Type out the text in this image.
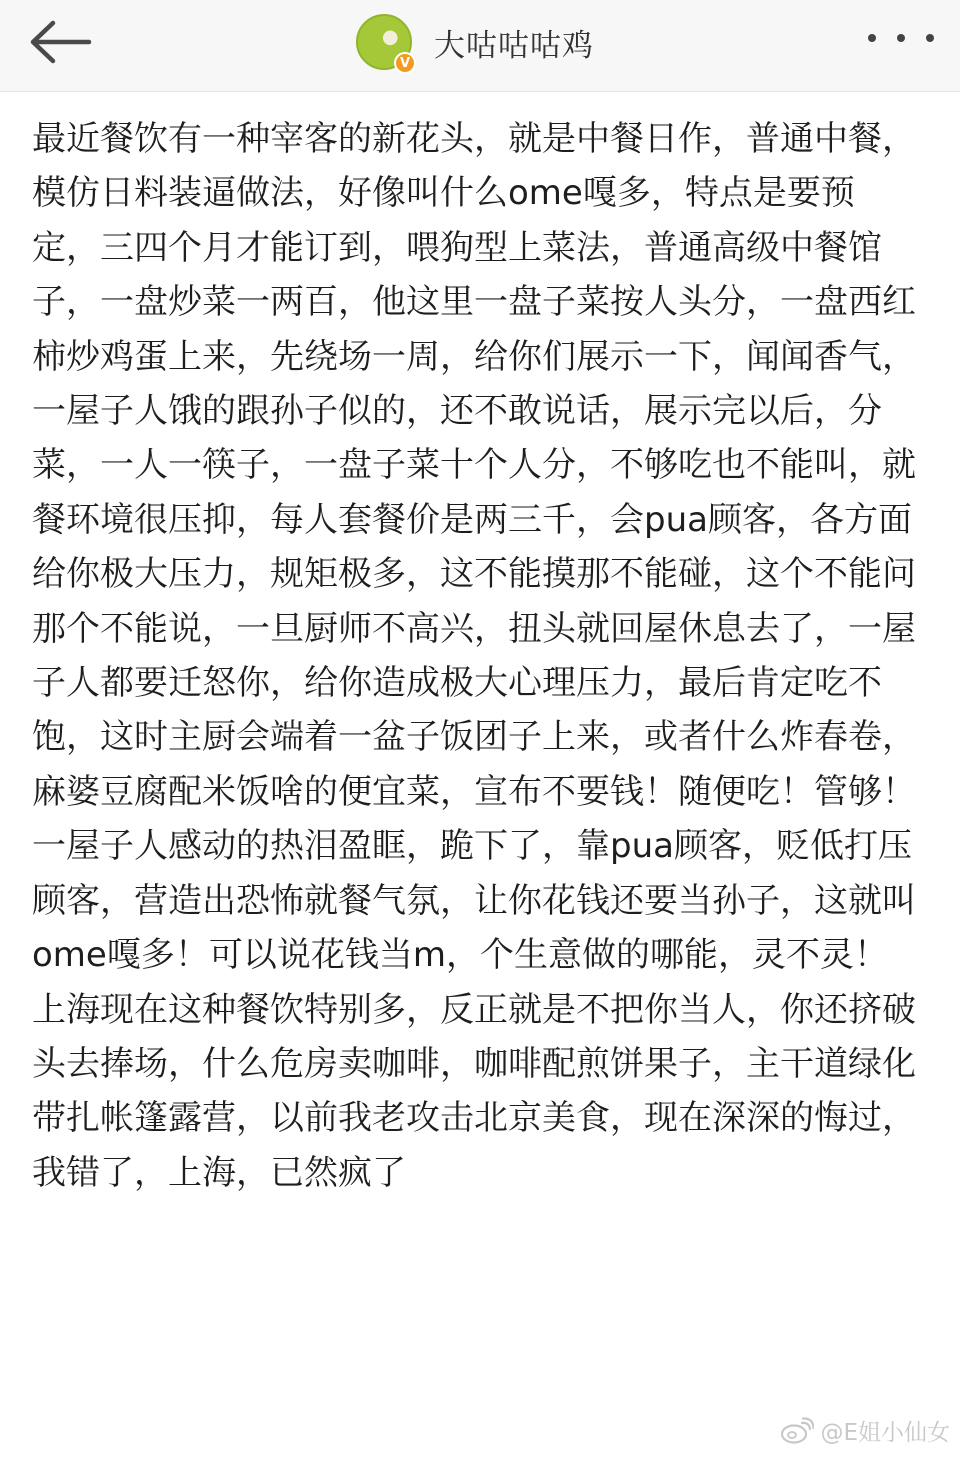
V 大咕咕咕鸡
最近餐饮有一种宰客的新花头，就是中餐日作，普通中餐，模仿日料装逼做法，好像叫什么ome嘎多，特点是要预定，三四个月才能订到，喂狗型上菜法，普通高级中餐馆子，一盘炒菜一两百，他这里一盘子菜按人头分，一盘西红柿炒鸡蛋上来，先绕场一周，给你们展示一下，闻闻香气，一屋子人饿的跟孙子似的，还不敢说话，展示完以后，分菜，一人一筷子，一盘子菜十个人分，不够吃也不能叫，就餐环境很压抑，每人套餐价是两三千，会pua顾客，各方面给你极大压力，规矩极多，这不能摸那不能碰，这个不能问那个不能说，一旦厨师不高兴，扭头就回屋休息去了，一屋子人都要迁怒你，给你造成极大心理压力，最后肯定吃不饱，这时主厨会端着一盆子饭团子上来，或者什么炸春卷，麻婆豆腐配米饭啥的便宜菜，宣布不要钱！随便吃！管够！一屋子人感动的热泪盈眶，跪下了，靠pua顾客，贬低打压顾客，营造出恐怖就餐气氛，让你花钱还要当孙子，这就叫ome嘎多！可以说花钱当m，个生意做的哪能，灵不灵！
上海现在这种餐饮特别多，反正就是不把你当人，你还挤破头去捧场，什么危房卖咖啡，咖啡配煎饼果子，主干道绿化带扎帐篷露营，以前我老攻击北京美食，现在深深的悔过，我错了，上海，已然疯了
@E姐小仙女
